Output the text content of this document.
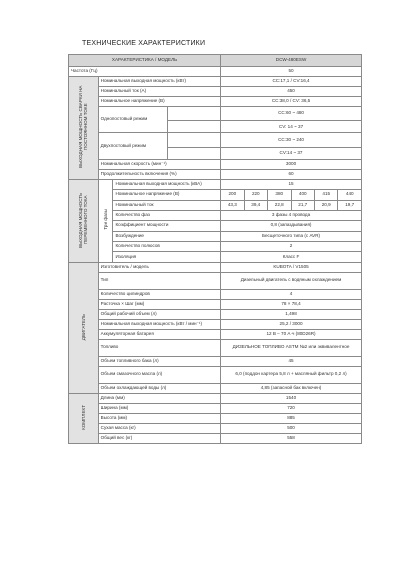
ТЕХНИЧЕСКИЕ ХАРАКТЕРИСТИКИ
ХАРАКТЕРИСТИКА / МОДЕЛЬ				DCW-480ESW					
Частота (Гц)				50					
ВЫХОДНАЯ МОЩНОСТЬ СВАРКИ НА ПОСТОЯННОМ ТОКЕ	Номинальная выходная мощность (кВт)			CC:17,1 / CV:16,4					
	Номинальный ток (А)			450					
	Номинальное напряжение (В)			CC:38,0 / CV: 36,5					
	Однопостовый режим			CC:60 ~ 480					
				CV: 14 ~ 37					
	Двухпостовый режим			CC:30 ~ 240					
				CV:14 ~ 37					
	Номинальная скорость (мин⁻¹)			3000					
	Продолжительность включения (%)			60					
ВЫХОДНАЯ МОЩНОСТЬ ПЕРЕМЕННОГО ТОКА	Три фазы	Номинальная выходная мощность (кВА)		15					
		Номинальное напряжение (В)		200	220	380	400	415	440
		Номинальный ток		43,3	39,4	22,8	21,7	20,9	19,7
		Количество фаз		3 фазы 4 провода					
		Коэффициент мощности		0,8 (запаздывания)					
		Возбуждение		Бесщеточного типа (с AVR)					
		Количество полюсов		2					
		Изоляция		Класс F					
ДВИГАТЕЛЬ	Изготовитель / модель			KUBOTA / V1505					
	Тип			Дизельный двигатель с водяным охлаждением					
	Количество цилиндров			4					
	Расточка × Шаг (мм)			78 × 78,4					
	Общий рабочий объем (л)			1,498					
	Номинальная выходная мощность (кВт / мин⁻¹)			25,2 / 3000					
	Аккумуляторная батарея			12 В – 70 А·ч (80D26R)					
	Топливо			ДИЗЕЛЬНОЕ ТОПЛИВО ASTM №2 или эквивалентное					
	Объем топливного бака (л)			45					
	Объем смазочного масла (л)			6,0 (поддон картера 5,8 л + масляный фильтр 0,2 л)					
	Объем охлаждающей воды (л)			4,85 (запасной бак включен)					
КОМПЛЕКТ	Длина (мм)			1540					
	Ширина (мм)			720					
	Высота (мм)			885					
	Сухая масса (кг)			500					
	Общий вес (кг)			558					
